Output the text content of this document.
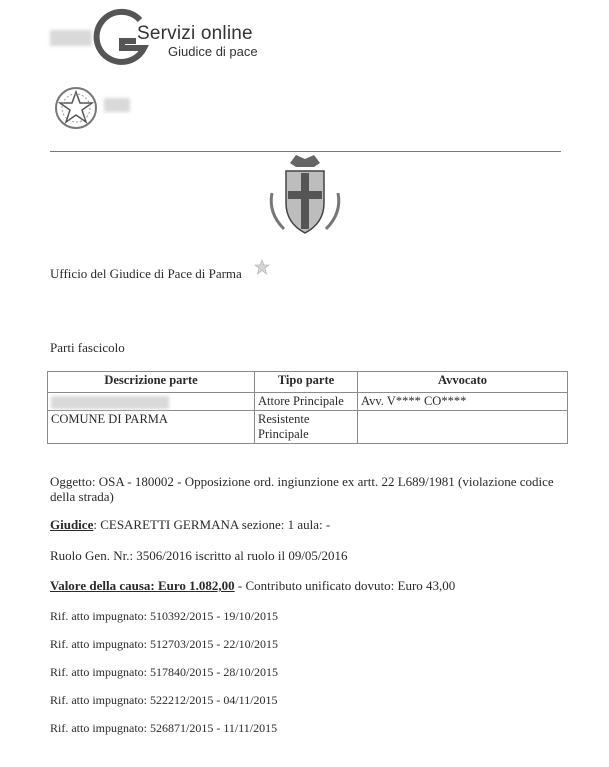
Servizi online
Giudice di pace
Ufficio del Giudice di Pace di Parma
Parti fascicolo
Descrizione parte	Tipo parte	Avvocato

	Attore Principale	Avv. V**** CO****
COMUNE DI PARMA	Resistente Principale	
Oggetto: OSA - 180002 - Opposizione ord. ingiunzione ex artt. 22 L689/1981 (violazione codice della strada)
Giudice: CESARETTI GERMANA sezione: 1 aula: -
Ruolo Gen. Nr.: 3506/2016 iscritto al ruolo il 09/05/2016
Valore della causa: Euro 1.082,00 - Contributo unificato dovuto: Euro 43,00
Rif. atto impugnato: 510392/2015 - 19/10/2015
Rif. atto impugnato: 512703/2015 - 22/10/2015
Rif. atto impugnato: 517840/2015 - 28/10/2015
Rif. atto impugnato: 522212/2015 - 04/11/2015
Rif. atto impugnato: 526871/2015 - 11/11/2015
